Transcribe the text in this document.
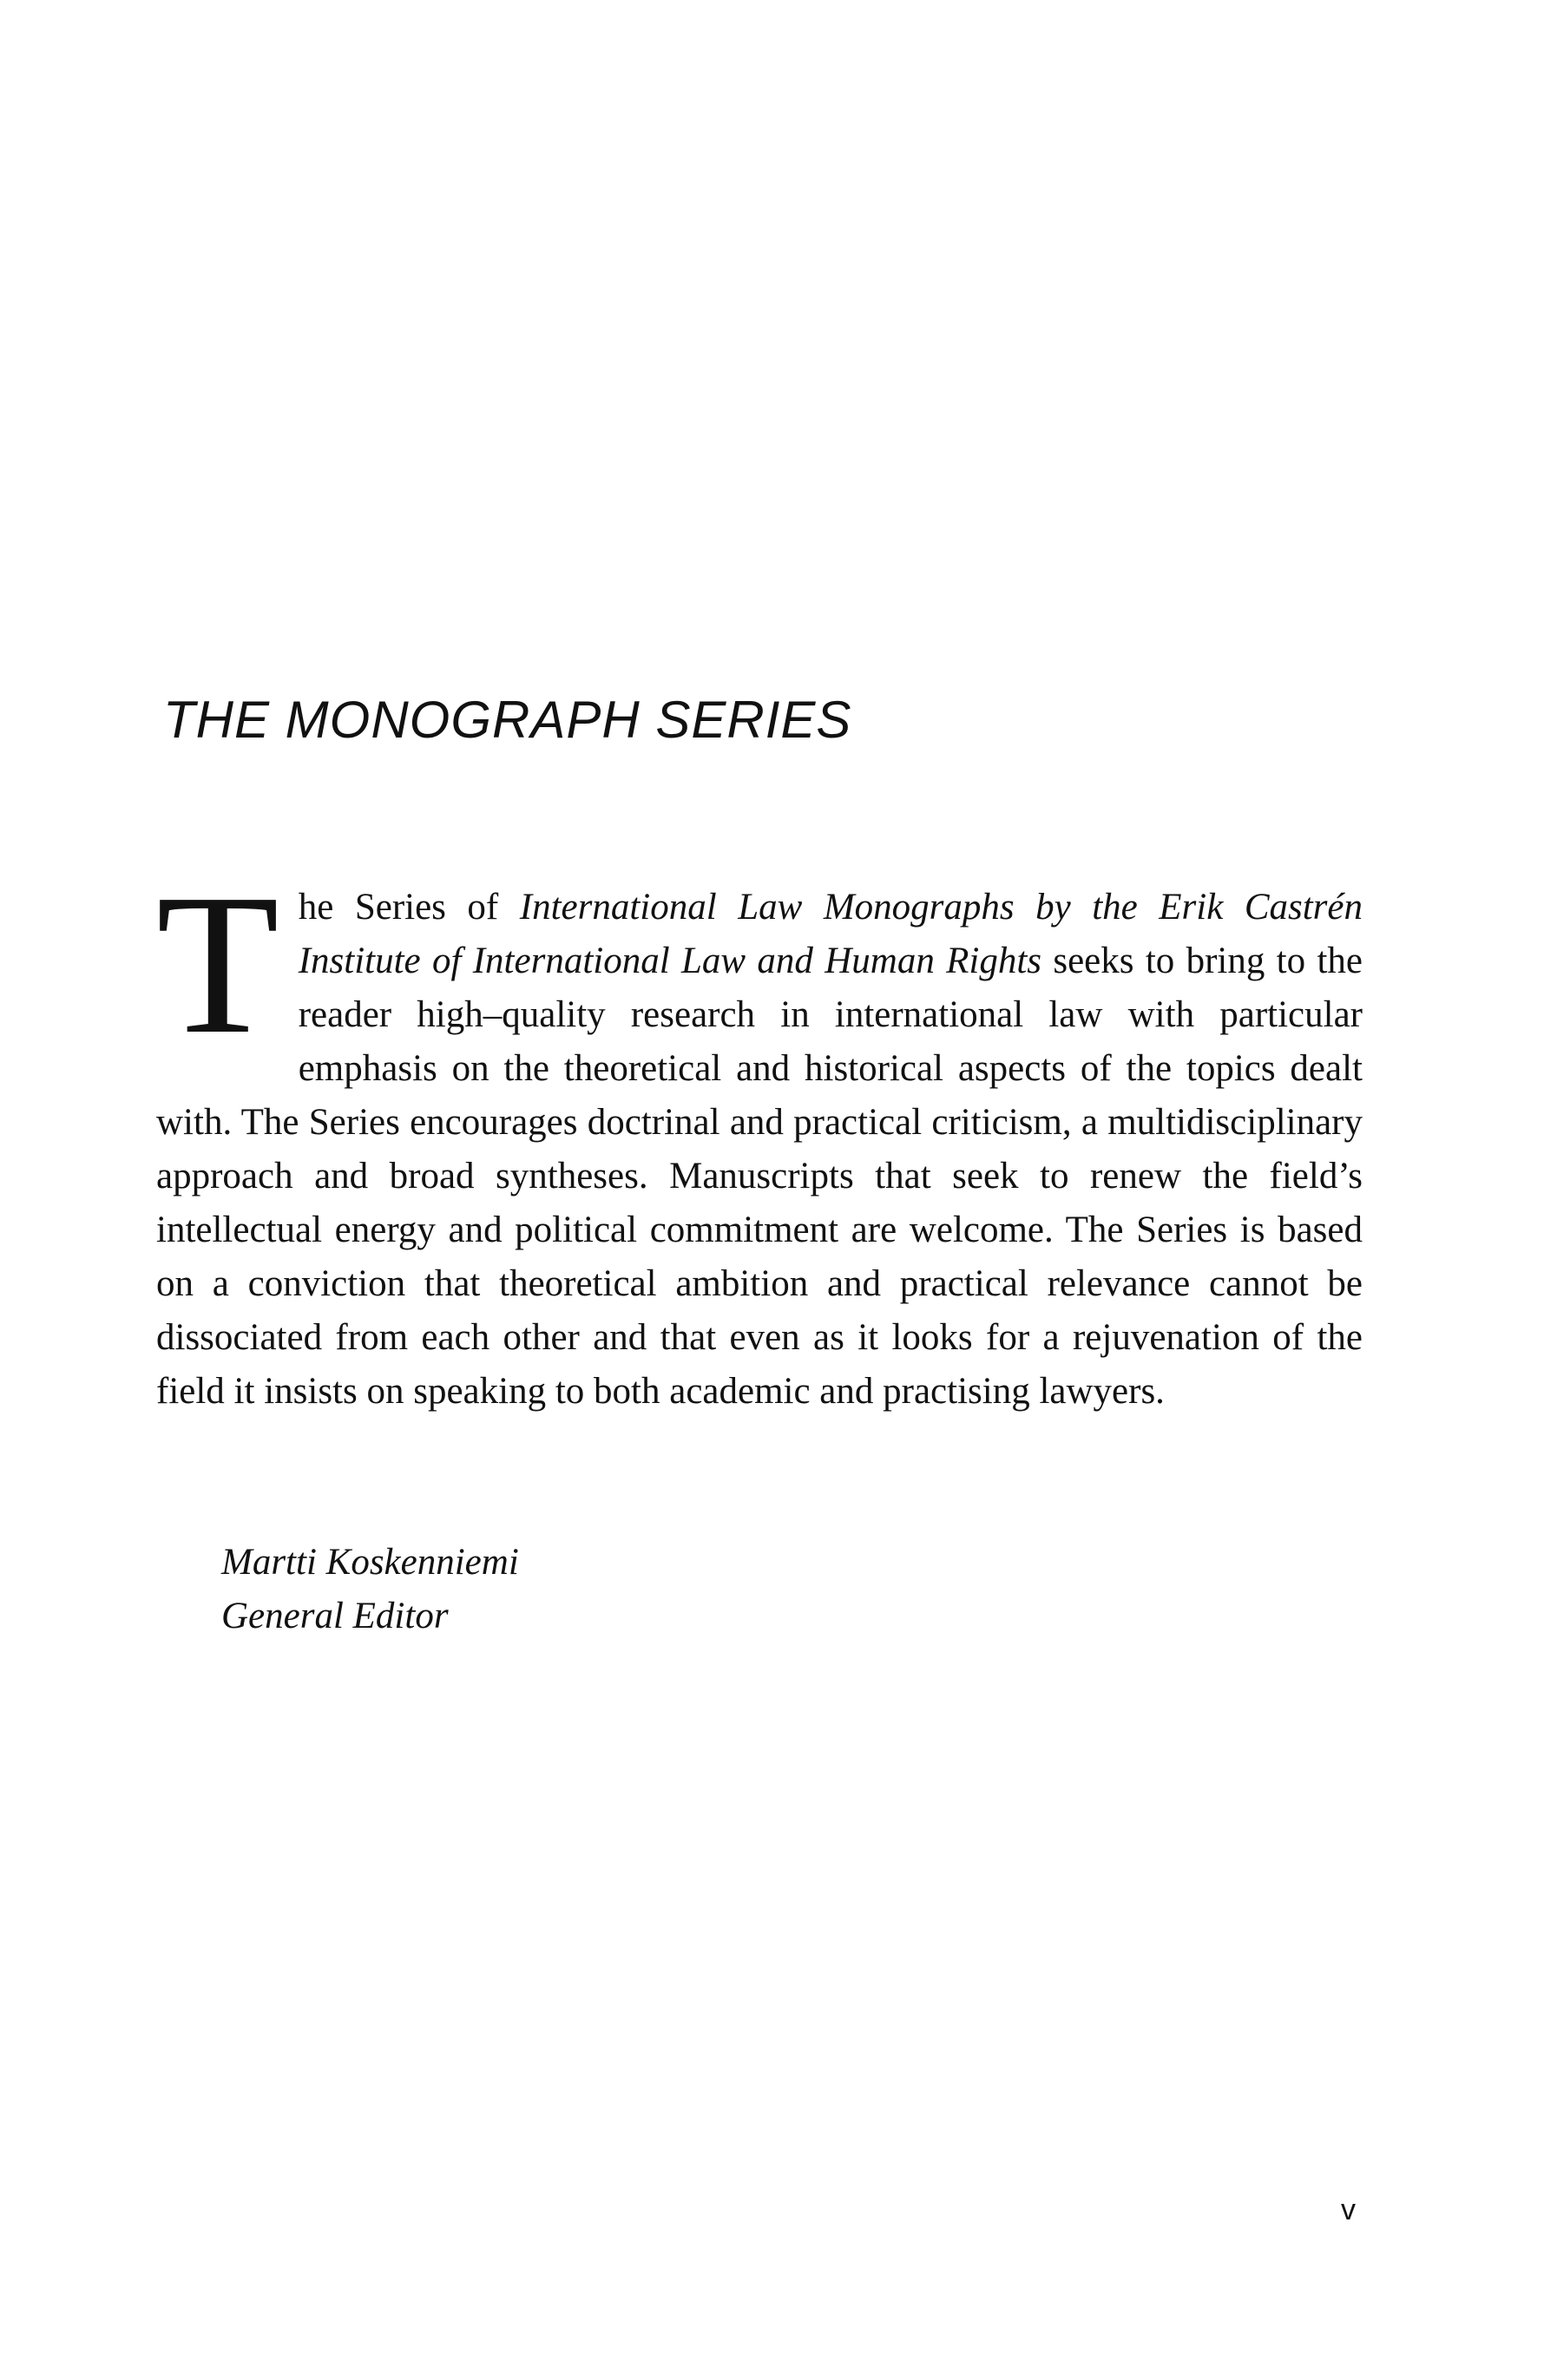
THE MONOGRAPH SERIES

The Series of International Law Monographs by the Erik Castrén Institute of International Law and Human Rights seeks to bring to the reader high–quality research in international law with particular emphasis on the theoretical and historical aspects of the topics dealt with. The Series encourages doctrinal and practical criticism, a multidisciplinary approach and broad syntheses. Manuscripts that seek to renew the field’s intellectual energy and political commitment are welcome. The Series is based on a conviction that theoretical ambition and practical relevance cannot be dissociated from each other and that even as it looks for a rejuvenation of the field it insists on speaking to both academic and practising lawyers.

Martti Koskenniemi
General Editor
v
